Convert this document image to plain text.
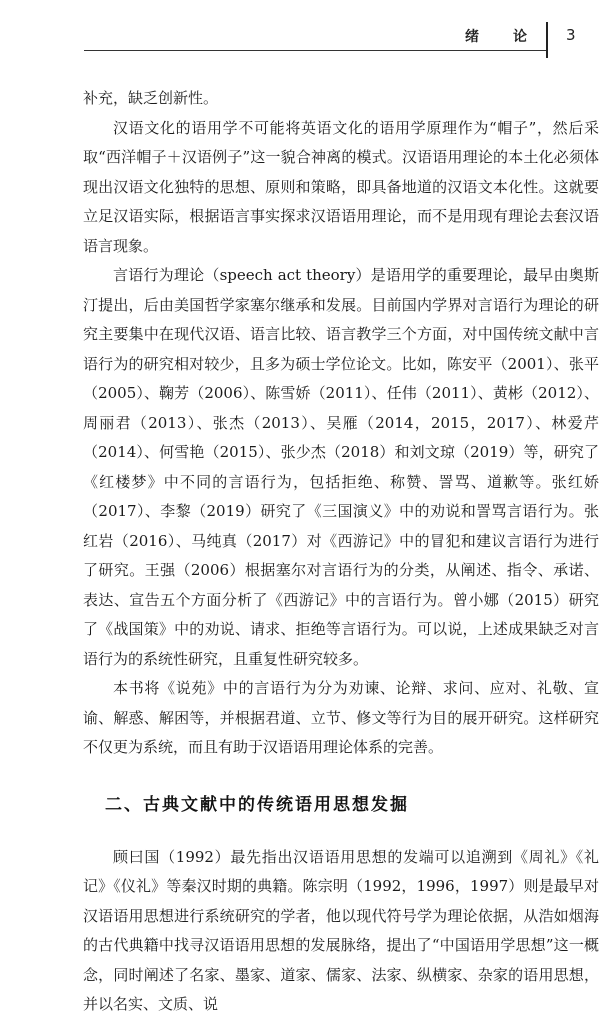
绪　论 3

补充，缺乏创新性。

汉语文化的语用学不可能将英语文化的语用学原理作为“帽子”，然后采取“西洋帽子＋汉语例子”这一貌合神离的模式。汉语语用理论的本土化必须体现出汉语文化独特的思想、原则和策略，即具备地道的汉语文本化性。这就要立足汉语实际，根据语言事实探求汉语语用理论，而不是用现有理论去套汉语语言现象。

言语行为理论（speech act theory）是语用学的重要理论，最早由奥斯汀提出，后由美国哲学家塞尔继承和发展。目前国内学界对言语行为理论的研究主要集中在现代汉语、语言比较、语言教学三个方面，对中国传统文献中言语行为的研究相对较少，且多为硕士学位论文。比如，陈安平（2001）、张平（2005）、鞠芳（2006）、陈雪娇（2011）、任伟（2011）、黄彬（2012）、周丽君（2013）、张杰（2013）、吴雁（2014，2015，2017）、林爱芹（2014）、何雪艳（2015）、张少杰（2018）和刘文琼（2019）等，研究了《红楼梦》中不同的言语行为，包括拒绝、称赞、詈骂、道歉等。张红娇（2017）、李黎（2019）研究了《三国演义》中的劝说和詈骂言语行为。张红岩（2016）、马纯真（2017）对《西游记》中的冒犯和建议言语行为进行了研究。王强（2006）根据塞尔对言语行为的分类，从阐述、指令、承诺、表达、宣告五个方面分析了《西游记》中的言语行为。曾小娜（2015）研究了《战国策》中的劝说、请求、拒绝等言语行为。可以说，上述成果缺乏对言语行为的系统性研究，且重复性研究较多。

本书将《说苑》中的言语行为分为劝谏、论辩、求问、应对、礼敬、宣谕、解惑、解困等，并根据君道、立节、修文等行为目的展开研究。这样研究不仅更为系统，而且有助于汉语语用理论体系的完善。

二、古典文献中的传统语用思想发掘

顾曰国（1992）最先指出汉语语用思想的发端可以追溯到《周礼》《礼记》《仪礼》等秦汉时期的典籍。陈宗明（1992，1996，1997）则是最早对汉语语用思想进行系统研究的学者，他以现代符号学为理论依据，从浩如烟海的古代典籍中找寻汉语语用思想的发展脉络，提出了“中国语用学思想”这一概念，同时阐述了名家、墨家、道家、儒家、法家、纵横家、杂家的语用思想，并以名实、文质、说
